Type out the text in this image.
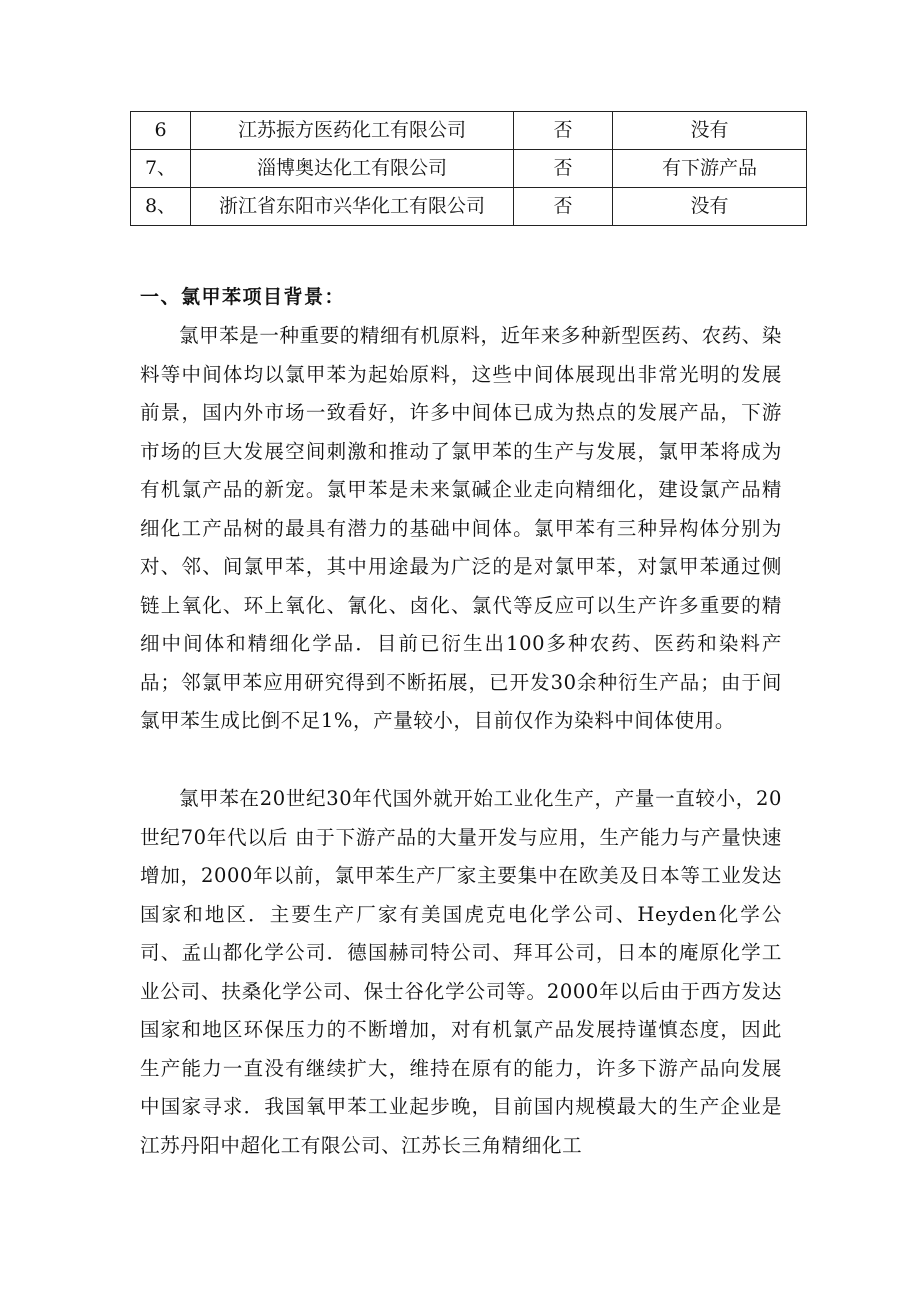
6	江苏振方医药化工有限公司	否	没有
7、	淄博奥达化工有限公司	否	有下游产品
8、	浙江省东阳市兴华化工有限公司	否	没有
一、氯甲苯项目背景：

氯甲苯是一种重要的精细有机原料，近年来多种新型医药、农药、染料等中间体均以氯甲苯为起始原料，这些中间体展现出非常光明的发展前景，国内外市场一致看好，许多中间体已成为热点的发展产品，下游市场的巨大发展空间刺激和推动了氯甲苯的生产与发展，氯甲苯将成为有机氯产品的新宠。氯甲苯是未来氯碱企业走向精细化，建设氯产品精细化工产品树的最具有潜力的基础中间体。氯甲苯有三种异构体分别为对、邻、间氯甲苯，其中用途最为广泛的是对氯甲苯，对氯甲苯通过侧链上氧化、环上氧化、氰化、卤化、氯代等反应可以生产许多重要的精细中间体和精细化学品．目前已衍生出100多种农药、医药和染料产品；邻氯甲苯应用研究得到不断拓展，已开发30余种衍生产品；由于间氯甲苯生成比倒不足1%，产量较小，目前仅作为染料中间体使用。

氯甲苯在20世纪30年代国外就开始工业化生产，产量一直较小，20世纪70年代以后 由于下游产品的大量开发与应用，生产能力与产量快速增加，2000年以前，氯甲苯生产厂家主要集中在欧美及日本等工业发达国家和地区．主要生产厂家有美国虎克电化学公司、Heyden化学公司、孟山都化学公司．德国赫司特公司、拜耳公司，日本的庵原化学工业公司、扶桑化学公司、保士谷化学公司等。2000年以后由于西方发达国家和地区环保压力的不断增加，对有机氯产品发展持谨慎态度，因此生产能力一直没有继续扩大，维持在原有的能力，许多下游产品向发展中国家寻求．我国氧甲苯工业起步晚，目前国内规模最大的生产企业是江苏丹阳中超化工有限公司、江苏长三角精细化工
